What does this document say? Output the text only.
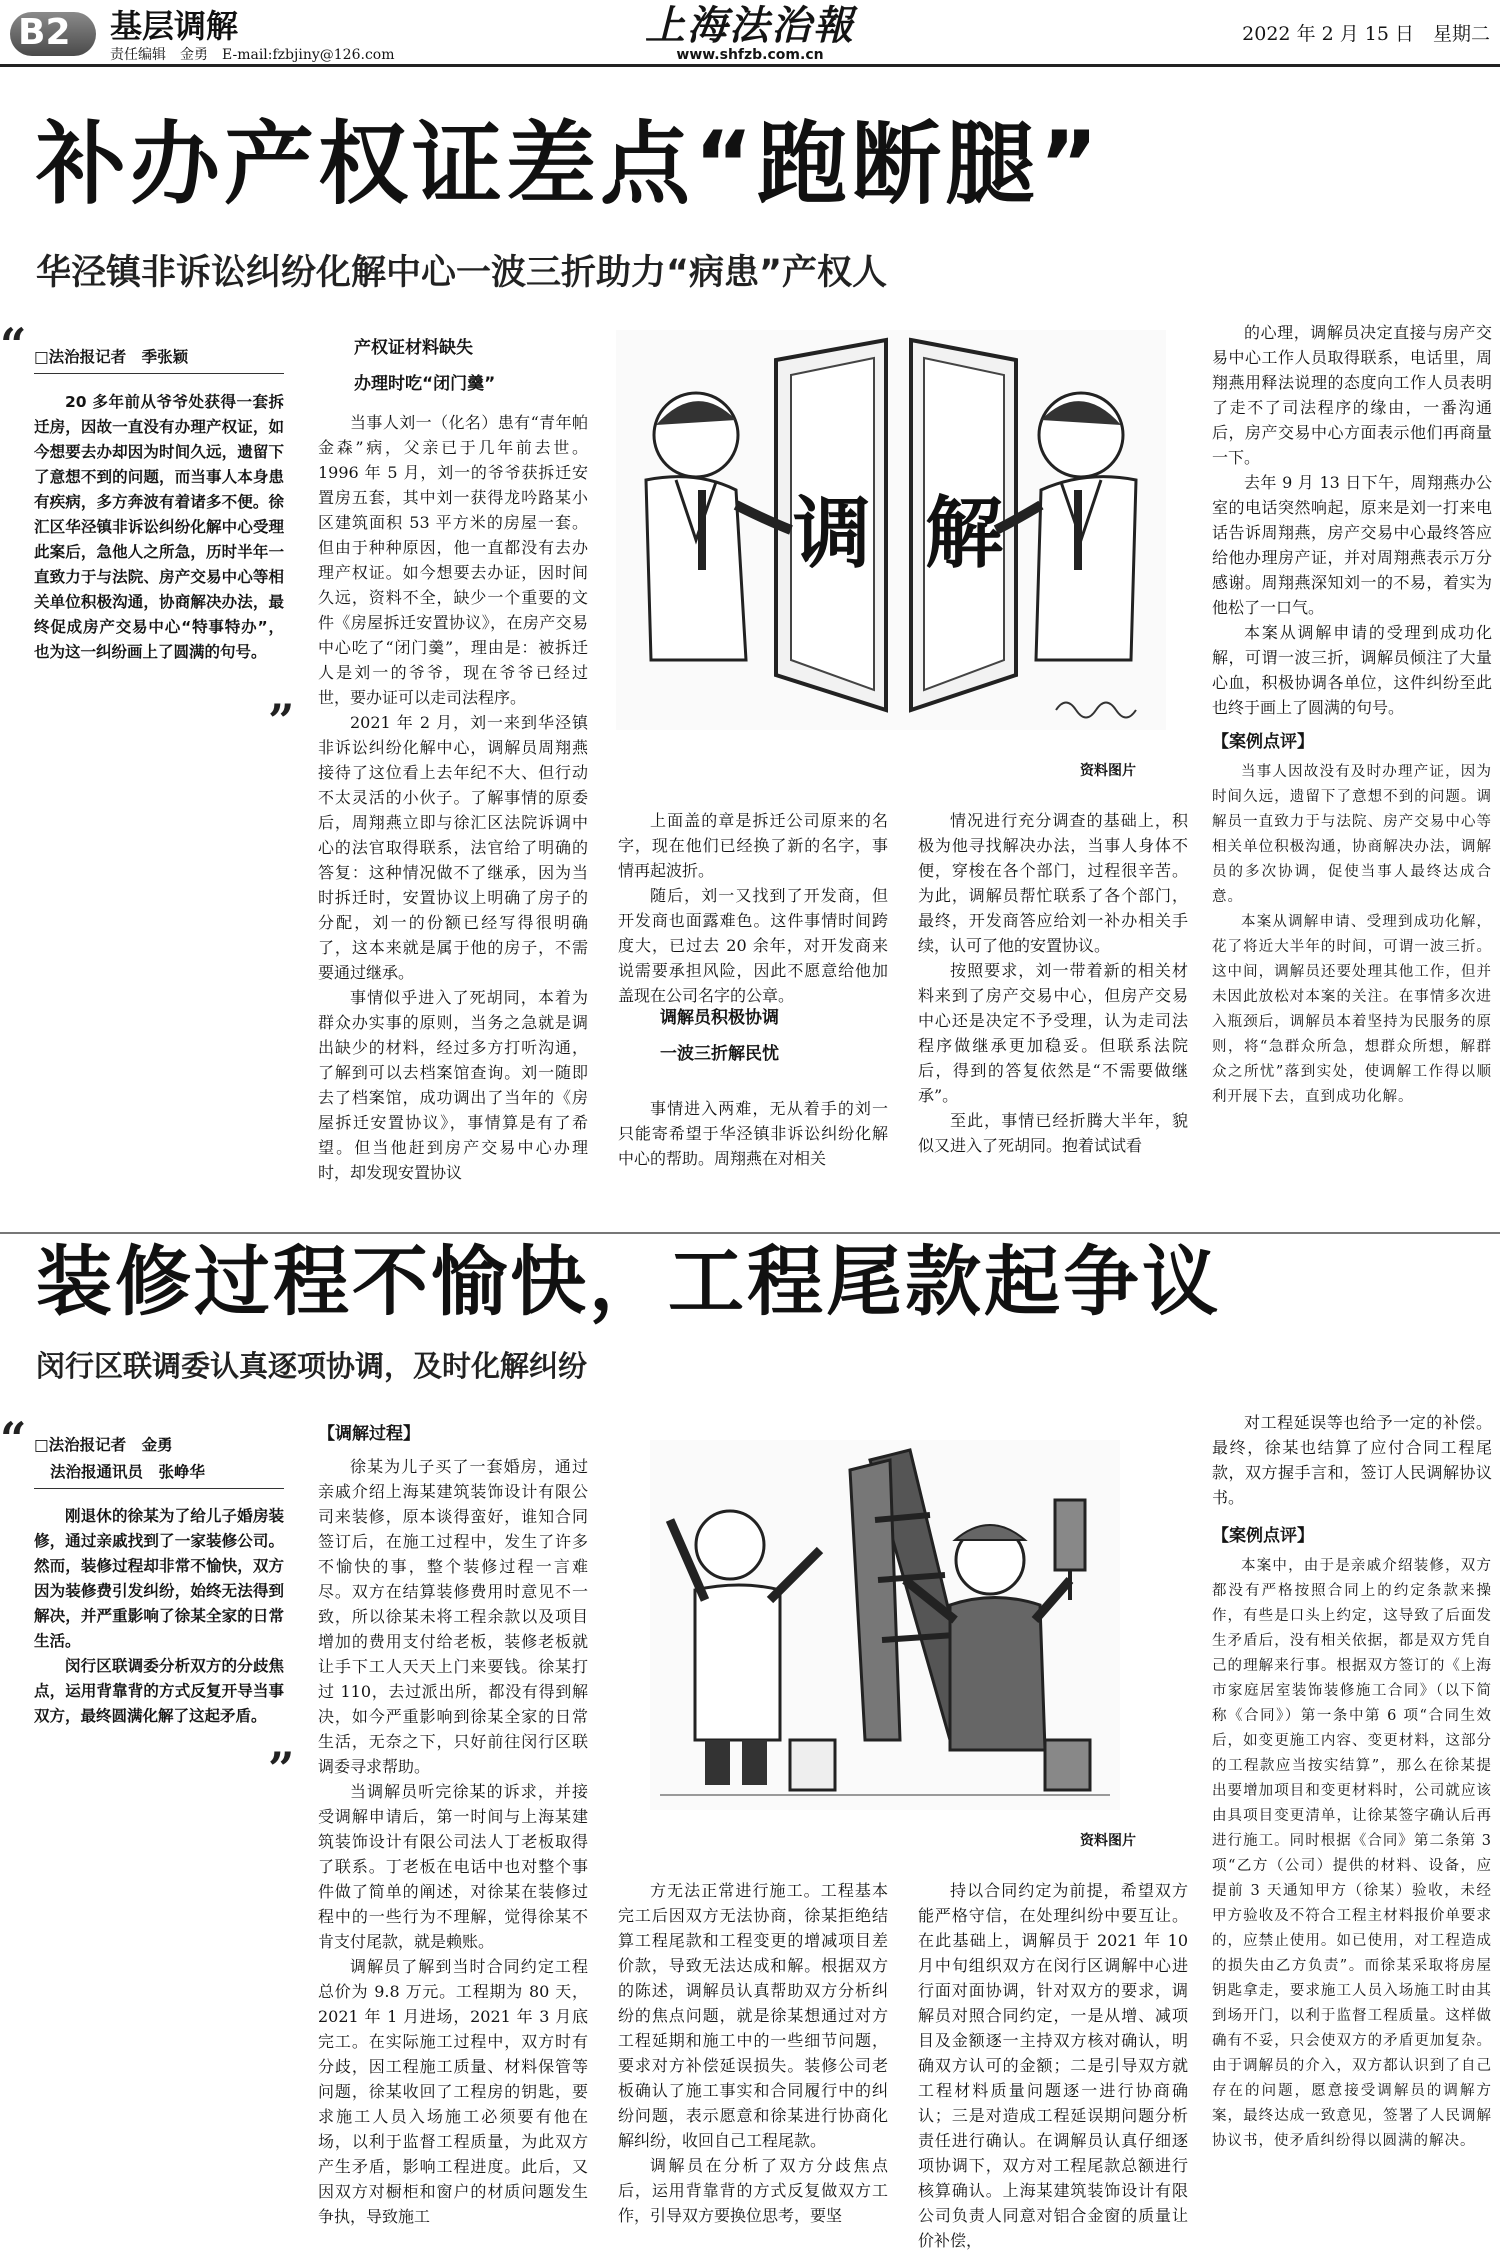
B2 基层调解
责任编辑　金勇　E-mail:fzbjiny@126.com
上海法治報
www.shfzb.com.cn
2022 年 2 月 15 日　星期二
补办产权证差点“跑断腿”
华泾镇非诉讼纠纷化解中心一波三折助力“病患”产权人
“ □法治报记者　季张颖

20 多年前从爷爷处获得一套拆迁房，因故一直没有办理产权证，如今想要去办却因为时间久远，遗留下了意想不到的问题，而当事人本身患有疾病，多方奔波有着诸多不便。徐汇区华泾镇非诉讼纠纷化解中心受理此案后，急他人之所急，历时半年一直致力于与法院、房产交易中心等相关单位积极沟通，协商解决办法，最终促成房产交易中心“特事特办”，也为这一纠纷画上了圆满的句号。

”
产权证材料缺失
办理时吃“闭门羹”

当事人刘一（化名）患有“青年帕金森”病，父亲已于几年前去世。1996 年 5 月，刘一的爷爷获拆迁安置房五套，其中刘一获得龙吟路某小区建筑面积 53 平方米的房屋一套。但由于种种原因，他一直都没有去办理产权证。如今想要去办证，因时间久远，资料不全，缺少一个重要的文件《房屋拆迁安置协议》，在房产交易中心吃了“闭门羹”，理由是：被拆迁人是刘一的爷爷，现在爷爷已经过世，要办证可以走司法程序。

2021 年 2 月，刘一来到华泾镇非诉讼纠纷化解中心，调解员周翔燕接待了这位看上去年纪不大、但行动不太灵活的小伙子。了解事情的原委后，周翔燕立即与徐汇区法院诉调中心的法官取得联系，法官给了明确的答复：这种情况做不了继承，因为当时拆迁时，安置协议上明确了房子的分配，刘一的份额已经写得很明确了，这本来就是属于他的房子，不需要通过继承。

事情似乎进入了死胡同，本着为群众办实事的原则，当务之急就是调出缺少的材料，经过多方打听沟通，了解到可以去档案馆查询。刘一随即去了档案馆，成功调出了当年的《房屋拆迁安置协议》，事情算是有了希望。但当他赶到房产交易中心办理时，却发现安置协议

调 解
资料图片

上面盖的章是拆迁公司原来的名字，现在他们已经换了新的名字，事情再起波折。

随后，刘一又找到了开发商，但开发商也面露难色。这件事情时间跨度大，已过去 20 余年，对开发商来说需要承担风险，因此不愿意给他加盖现在公司名字的公章。

调解员积极协调
一波三折解民忧

事情进入两难，无从着手的刘一只能寄希望于华泾镇非诉讼纠纷化解中心的帮助。周翔燕在对相关

情况进行充分调查的基础上，积极为他寻找解决办法，当事人身体不便，穿梭在各个部门，过程很辛苦。为此，调解员帮忙联系了各个部门，最终，开发商答应给刘一补办相关手续，认可了他的安置协议。

按照要求，刘一带着新的相关材料来到了房产交易中心，但房产交易中心还是决定不予受理，认为走司法程序做继承更加稳妥。但联系法院后，得到的答复依然是“不需要做继承”。

至此，事情已经折腾大半年，貌似又进入了死胡同。抱着试试看

的心理，调解员决定直接与房产交易中心工作人员取得联系，电话里，周翔燕用释法说理的态度向工作人员表明了走不了司法程序的缘由，一番沟通后，房产交易中心方面表示他们再商量一下。

去年 9 月 13 日下午，周翔燕办公室的电话突然响起，原来是刘一打来电话告诉周翔燕，房产交易中心最终答应给他办理房产证，并对周翔燕表示万分感谢。周翔燕深知刘一的不易，着实为他松了一口气。

本案从调解申请的受理到成功化解，可谓一波三折，调解员倾注了大量心血，积极协调各单位，这件纠纷至此也终于画上了圆满的句号。

【案例点评】

当事人因故没有及时办理产证，因为时间久远，遗留下了意想不到的问题。调解员一直致力于与法院、房产交易中心等相关单位积极沟通，协商解决办法，调解员的多次协调，促使当事人最终达成合意。

本案从调解申请、受理到成功化解，花了将近大半年的时间，可谓一波三折。这中间，调解员还要处理其他工作，但并未因此放松对本案的关注。在事情多次进入瓶颈后，调解员本着坚持为民服务的原则，将“急群众所急，想群众所想，解群众之所忧”落到实处，使调解工作得以顺利开展下去，直到成功化解。

装修过程不愉快，工程尾款起争议
闵行区联调委认真逐项协调，及时化解纠纷
“ □法治报记者　金勇
法治报通讯员　张峥华

刚退休的徐某为了给儿子婚房装修，通过亲戚找到了一家装修公司。然而，装修过程却非常不愉快，双方因为装修费引发纠纷，始终无法得到解决，并严重影响了徐某全家的日常生活。

闵行区联调委分析双方的分歧焦点，运用背靠背的方式反复开导当事双方，最终圆满化解了这起矛盾。

”
【调解过程】

徐某为儿子买了一套婚房，通过亲戚介绍上海某建筑装饰设计有限公司来装修，原本谈得蛮好，谁知合同签订后，在施工过程中，发生了许多不愉快的事，整个装修过程一言难尽。双方在结算装修费用时意见不一致，所以徐某未将工程余款以及项目增加的费用支付给老板，装修老板就让手下工人天天上门来要钱。徐某打过 110，去过派出所，都没有得到解决，如今严重影响到徐某全家的日常生活，无奈之下，只好前往闵行区联调委寻求帮助。

当调解员听完徐某的诉求，并接受调解申请后，第一时间与上海某建筑装饰设计有限公司法人丁老板取得了联系。丁老板在电话中也对整个事件做了简单的阐述，对徐某在装修过程中的一些行为不理解，觉得徐某不肯支付尾款，就是赖账。

调解员了解到当时合同约定工程总价为 9.8 万元。工程期为 80 天，2021 年 1 月进场，2021 年 3 月底完工。在实际施工过程中，双方时有分歧，因工程施工质量、材料保管等问题，徐某收回了工程房的钥匙，要求施工人员入场施工必须要有他在场，以利于监督工程质量，为此双方产生矛盾，影响工程进度。此后，又因双方对橱柜和窗户的材质问题发生争执，导致施工

资料图片

方无法正常进行施工。工程基本完工后因双方无法协商，徐某拒绝结算工程尾款和工程变更的增减项目差价款，导致无法达成和解。根据双方的陈述，调解员认真帮助双方分析纠纷的焦点问题，就是徐某想通过对方工程延期和施工中的一些细节问题，要求对方补偿延误损失。装修公司老板确认了施工事实和合同履行中的纠纷问题，表示愿意和徐某进行协商化解纠纷，收回自己工程尾款。

调解员在分析了双方分歧焦点后，运用背靠背的方式反复做双方工作，引导双方要换位思考，要坚

持以合同约定为前提，希望双方能严格守信，在处理纠纷中要互让。在此基础上，调解员于 2021 年 10 月中旬组织双方在闵行区调解中心进行面对面协调，针对双方的要求，调解员对照合同约定，一是从增、减项目及金额逐一主持双方核对确认，明确双方认可的金额；二是引导双方就工程材料质量问题逐一进行协商确认；三是对造成工程延误期问题分析责任进行确认。在调解员认真仔细逐项协调下，双方对工程尾款总额进行核算确认。上海某建筑装饰设计有限公司负责人同意对铝合金窗的质量让价补偿，

对工程延误等也给予一定的补偿。最终，徐某也结算了应付合同工程尾款，双方握手言和，签订人民调解协议书。

【案例点评】

本案中，由于是亲戚介绍装修，双方都没有严格按照合同上的约定条款来操作，有些是口头上约定，这导致了后面发生矛盾后，没有相关依据，都是双方凭自己的理解来行事。根据双方签订的《上海市家庭居室装饰装修施工合同》（以下简称《合同》）第一条中第 6 项“合同生效后，如变更施工内容、变更材料，这部分的工程款应当按实结算”，那么在徐某提出要增加项目和变更材料时，公司就应该由具项目变更清单，让徐某签字确认后再进行施工。同时根据《合同》第二条第 3 项“乙方（公司）提供的材料、设备，应提前 3 天通知甲方（徐某）验收，未经甲方验收及不符合工程主材料报价单要求的，应禁止使用。如已使用，对工程造成的损失由乙方负责”。而徐某采取将房屋钥匙拿走，要求施工人员入场施工时由其到场开门，以利于监督工程质量。这样做确有不妥，只会使双方的矛盾更加复杂。由于调解员的介入，双方都认识到了自己存在的问题，愿意接受调解员的调解方案，最终达成一致意见，签署了人民调解协议书，使矛盾纠纷得以圆满的解决。
